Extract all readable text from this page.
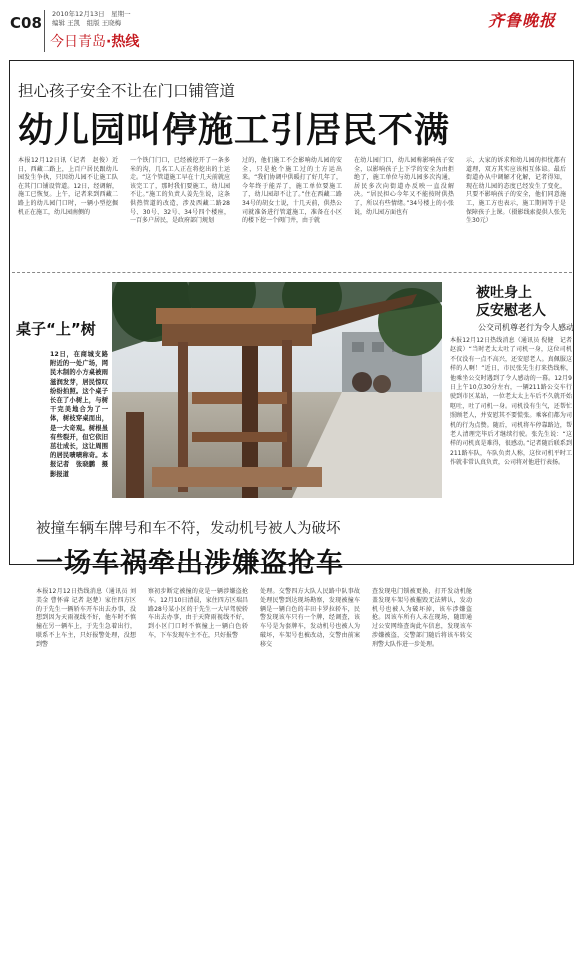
C08 2010年12月13日　星期一
编辑 王凯　组版 王晓梅
今日青岛·热线
齐鲁晚报
担心孩子安全不让在门口铺管道
幼儿园叫停施工引居民不满
本报12月12日讯（记者　赵俊）近日，西藏二路上，上百户居民跟幼儿园发生争执，只因幼儿园不让施工队在其门口铺设管道。12日，经调解，施工已恢复。上午，记者来到西藏二路上的幼儿园门口时，一辆小型挖掘机正在施工，幼儿园南侧的
一个铁门门口，已经被挖开了一条多米的沟，几名工人正在将挖出的土运走。“这个管道施工早在十几天前就应该完工了，那时我们要施工，幼儿园不让。”施工的负责人姜先生说，这条供热管道的改造，涉及西藏二路28号、30号、32号、34号四个楼座，一百多户居民，是政府部门规划
过的，他们施工不会影响幼儿园的安全，只是抢个施工过的土方运出来。“我们协调中供暖打了好几年了，今年终于能弄了，施工单位要施工了，幼儿园却不让了。”住在西藏二路34号的胡女士说，十几天前，供热公司就准备进行管道施工，准备在小区的楼下挖一个阀门井，由于就
在幼儿园门口，幼儿园称影响孩子安全，以影响孩子上下学的安全为由拒绝了，施工单位与幼儿园多次沟通，居民多次向街道办反映一直没解决。“居民担心今年又不能按时供热了，所以有些情绪。”34号楼上的小张说，幼儿园方面也有
示，大家的诉求和幼儿园的担忧都有道理，双方其实应该相互体谅。最后街道办从中调解才化解，记者得知，现在幼儿园的态度已经发生了变化，只要不影响孩子的安全，他们同意施工，施工方也表示，施工期间等于是保障孩子上课。（摄影线索提供人张先生30元）
桌子“上”树
12日，在商城支路附近的一处广场，网民木制的小方桌被雨滋润发芽，居民惊叹纷纷拍照。这个桌子长在了小树上，与树干完美地合为了一体，树枝穿桌而出，是一大奇观。树根虽有些裂开，但它依旧茁壮成长，这让周围的居民啧啧称奇。本报记者　张晓鹏　摄影报道
被吐身上
反安慰老人
公交司机尊老行为令人感动
本报12月12日热线消息（通讯员 倪健　记者 赵波）“当时老太太吐了司机一身，这位司机不仅没有一点不高兴，还安慰老人。真佩服这样的人啊！”近日，市民张先生打来热线称，他乘坐公交时遇到了令人感动的一幕。12月9日上午10点30分左右，一辆211路公交车行驶到市区某站，一位老太太上车后不久就开始呕吐，吐了司机一身。司机没有生气，还帮忙照顾老人，并安慰其不要慌张。乘客们都为司机的行为点赞。随后，司机将车停靠路边，帮老人清理完毕后才继续行驶。张先生说：“这样的司机真是难得，很感动。”记者随后联系到211路车队，车队负责人称，这位司机平时工作就非常认真负责，公司将对他进行表扬。
被撞车辆车牌号和车不符，发动机号被人为破坏
一场车祸牵出涉嫌盗抢车
本报12月12日热线消息（通讯员 刘美金 曹怀睿 记者 赵楚）家住四方区的于先生一辆轿车开车出去办事，没想到因为天雨视线不好，他车时不慎撞在另一辆车上，于先生急着出行，联系不上车主，只好报警处理，没想到警
察初步断定被撞的竟是一辆涉嫌盗抢车。12月10日清晨，家住四方区瑞昌路28号某小区的于先生一大早驾驶轿车出去办事，由于天降雨视线不好，到小区门口时不慎撞上一辆白色轿车，下车发现车主不在，只好报警
处理。交警四方大队人民路中队事故处理民警到达现场勘察，发现被撞车辆是一辆白色的丰田卡罗拉轿车，民警发现该车只有一个牌，经调查，该车号是为套牌车，发动机号也被人为破坏，车架号也被改动，交警由前案移交
查发现电门锁被更换，打开发动机舱盖发现车架号被摧毁无法辨认，发动机号也被人为破坏掉，该车涉嫌盗抢。因该车所有人未在现场，随即通过公安网络查询此车信息，发现该车涉嫌被盗，交警部门随后将该车转交刑警大队作进一步处理。
